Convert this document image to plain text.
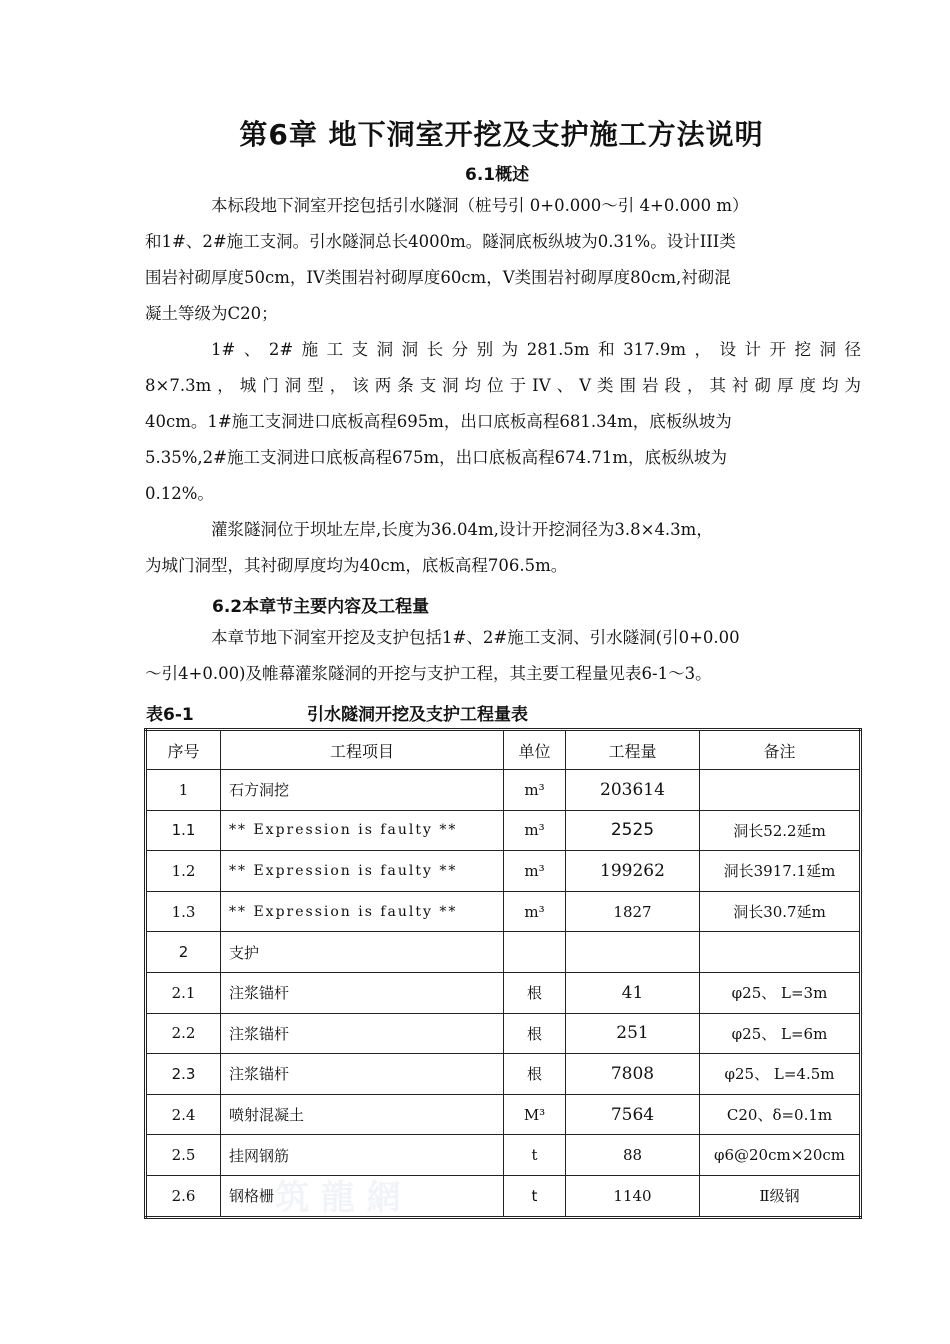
筑 龍 網
第6章 地下洞室开挖及支护施工方法说明
6.1概述
本标段地下洞室开挖包括引水隧洞（桩号引 0+0.000～引 4+0.000 m）
和1#、2#施工支洞。引水隧洞总长4000m。隧洞底板纵坡为0.31%。设计III类
围岩衬砌厚度50cm，IV类围岩衬砌厚度60cm，V类围岩衬砌厚度80cm,衬砌混
凝土等级为C20；
1#、2#施工支洞洞长分别为281.5m和317.9m，设计开挖洞径
8×7.3m，城门洞型，该两条支洞均位于IV、V类围岩段，其衬砌厚度均为
40cm。1#施工支洞进口底板高程695m，出口底板高程681.34m，底板纵坡为
5.35%,2#施工支洞进口底板高程675m，出口底板高程674.71m，底板纵坡为
0.12%。
灌浆隧洞位于坝址左岸,长度为36.04m,设计开挖洞径为3.8×4.3m，
为城门洞型，其衬砌厚度均为40cm，底板高程706.5m。
6.2本章节主要内容及工程量
本章节地下洞室开挖及支护包括1#、2#施工支洞、引水隧洞(引0+0.00
～引4+0.00)及帷幕灌浆隧洞的开挖与支护工程，其主要工程量见表6-1～3。
表6-1	引水隧洞开挖及支护工程量表
序号	工程项目	单位	工程量	备注
1	石方洞挖	m³	203614	
1.1	** Expression is faulty **	m³	2525	洞长52.2延m
1.2	** Expression is faulty **	m³	199262	洞长3917.1延m
1.3	** Expression is faulty **	m³	1827	洞长30.7延m
2	支护			
2.1	注浆锚杆	根	41	φ25、 L=3m
2.2	注浆锚杆	根	251	φ25、 L=6m
2.3	注浆锚杆	根	7808	φ25、 L=4.5m
2.4	喷射混凝土	M³	7564	C20、δ=0.1m
2.5	挂网钢筋	t	88	φ6@20cm×20cm
2.6	钢格栅	t	1140	Ⅱ级钢
